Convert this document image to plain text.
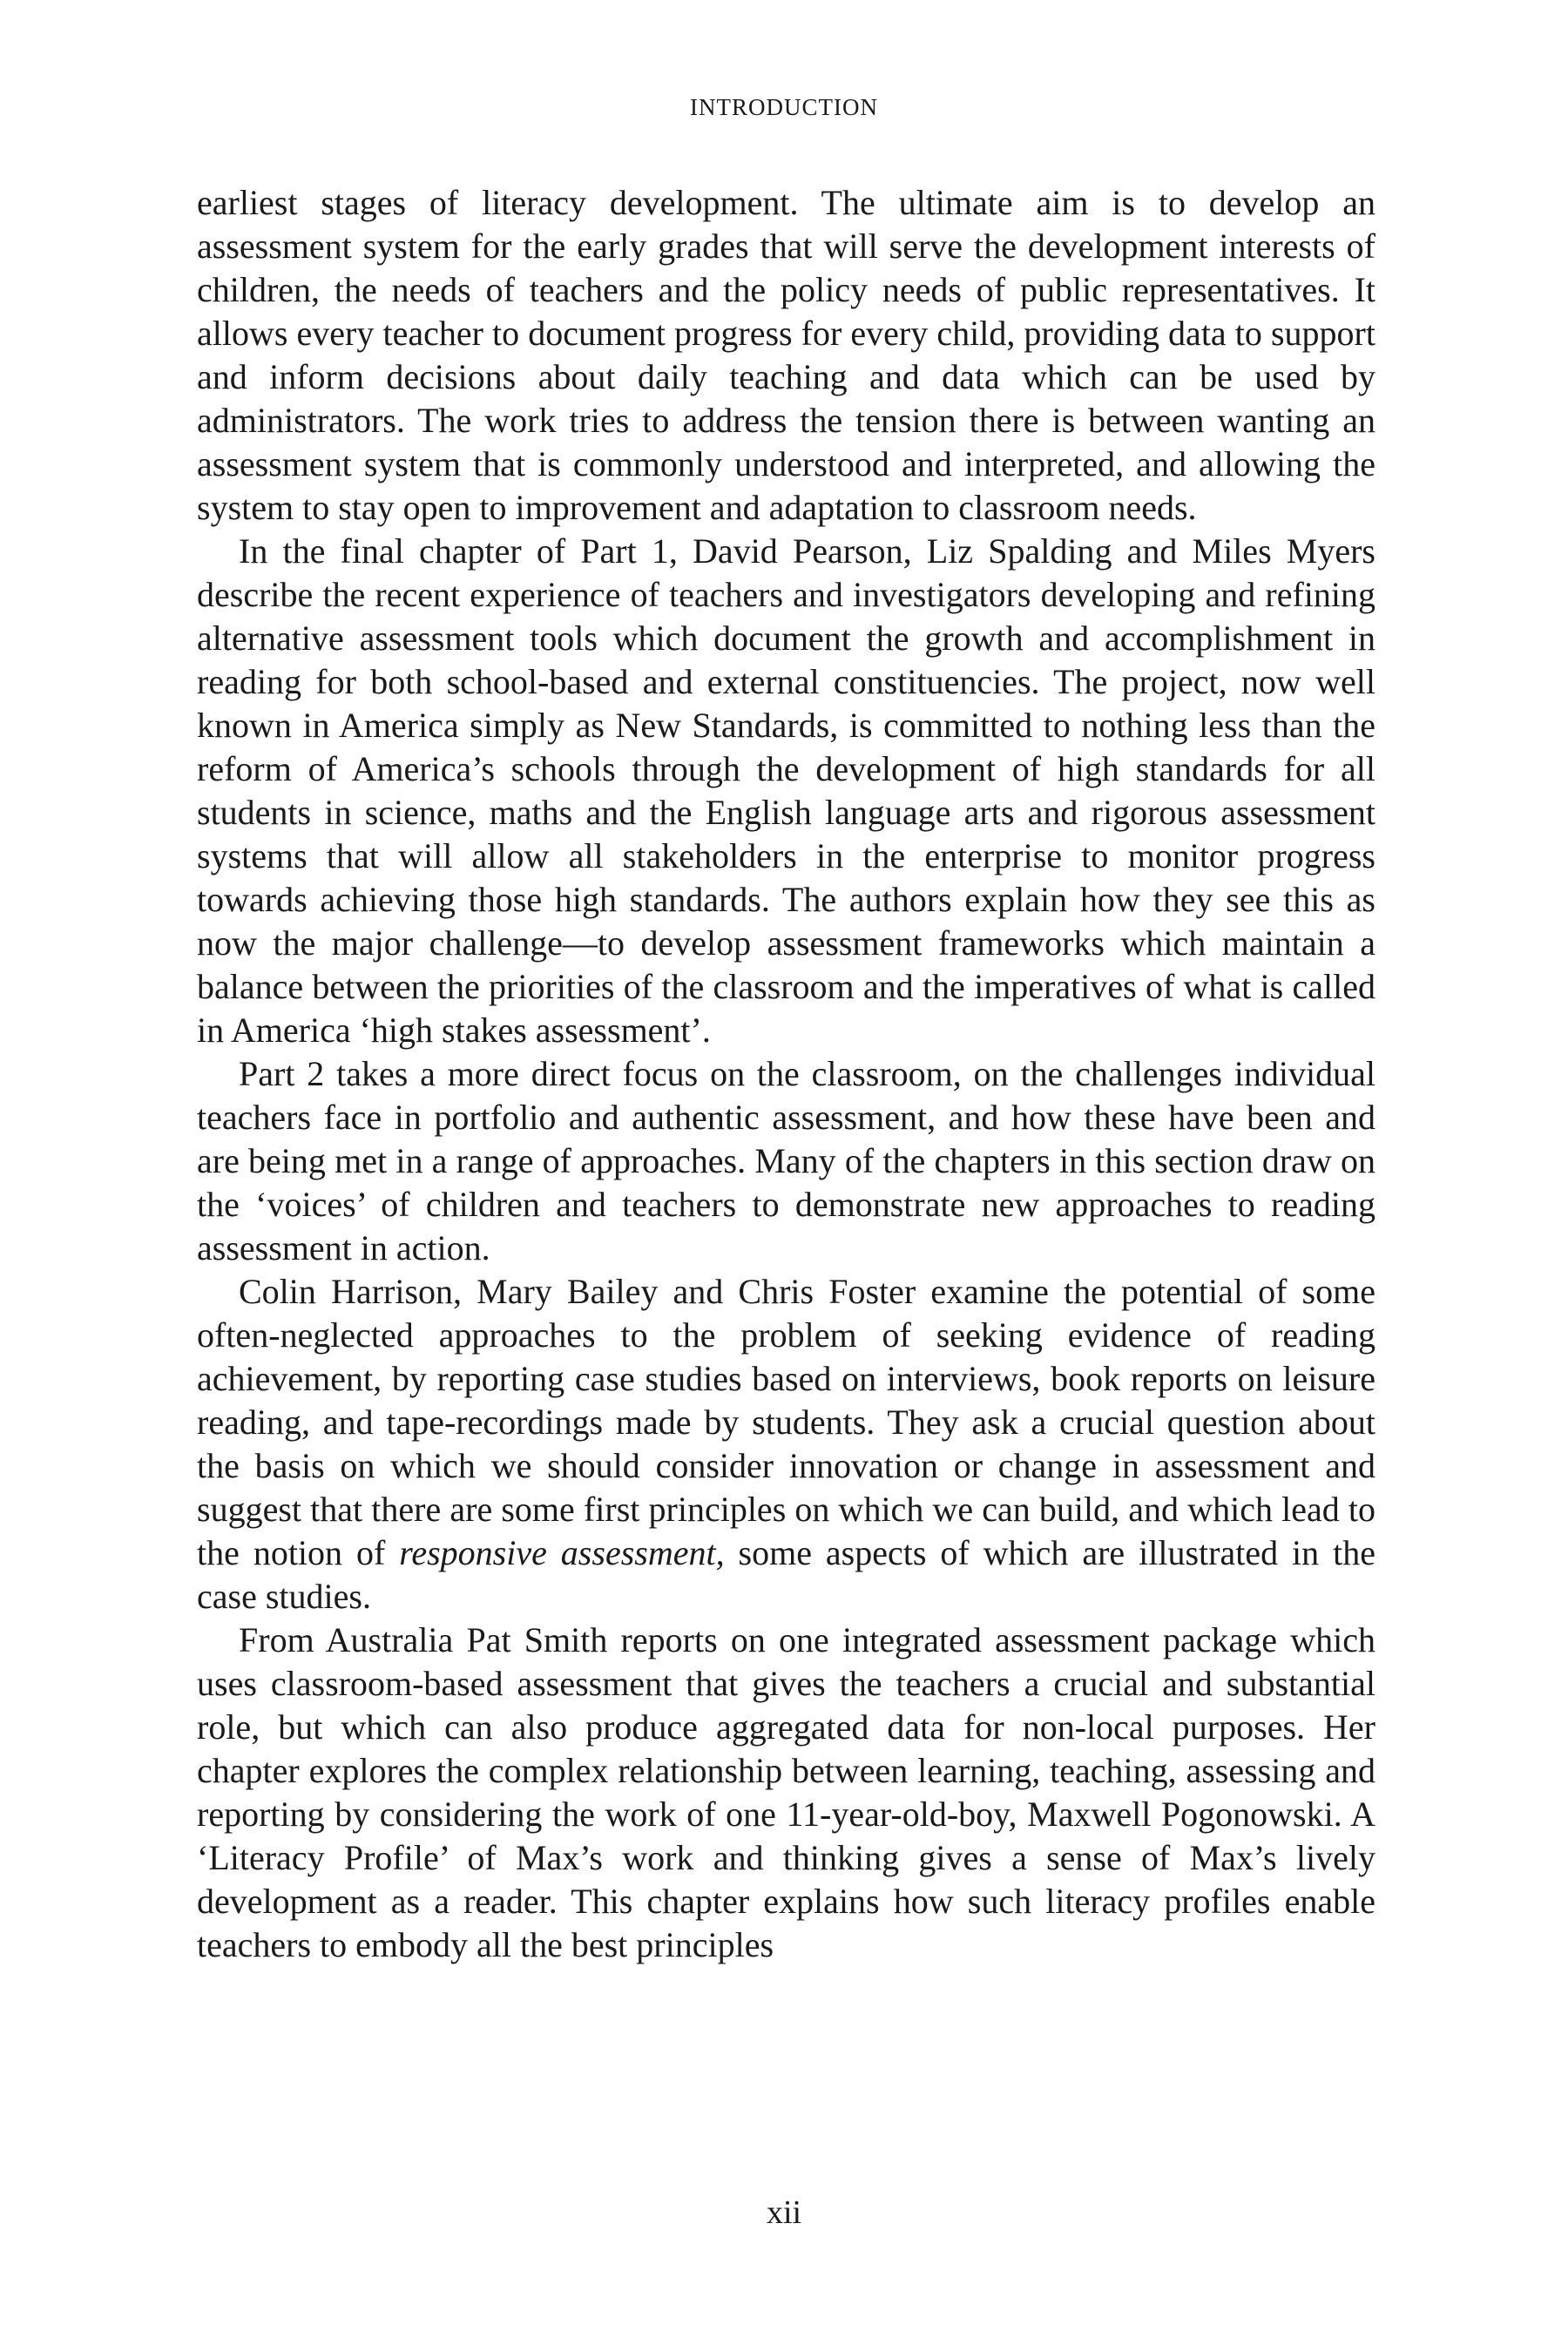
INTRODUCTION

earliest stages of literacy development. The ultimate aim is to develop an assessment system for the early grades that will serve the development interests of children, the needs of teachers and the policy needs of public representatives. It allows every teacher to document progress for every child, providing data to support and inform decisions about daily teaching and data which can be used by administrators. The work tries to address the tension there is between wanting an assessment system that is commonly understood and interpreted, and allowing the system to stay open to improvement and adaptation to classroom needs.

In the final chapter of Part 1, David Pearson, Liz Spalding and Miles Myers describe the recent experience of teachers and investigators developing and refining alternative assessment tools which document the growth and accomplishment in reading for both school-based and external constituencies. The project, now well known in America simply as New Standards, is committed to nothing less than the reform of America’s schools through the development of high standards for all students in science, maths and the English language arts and rigorous assessment systems that will allow all stakeholders in the enterprise to monitor progress towards achieving those high standards. The authors explain how they see this as now the major challenge—to develop assessment frameworks which maintain a balance between the priorities of the classroom and the imperatives of what is called in America ‘high stakes assessment’.

Part 2 takes a more direct focus on the classroom, on the challenges individual teachers face in portfolio and authentic assessment, and how these have been and are being met in a range of approaches. Many of the chapters in this section draw on the ‘voices’ of children and teachers to demonstrate new approaches to reading assessment in action.

Colin Harrison, Mary Bailey and Chris Foster examine the potential of some often-neglected approaches to the problem of seeking evidence of reading achievement, by reporting case studies based on interviews, book reports on leisure reading, and tape-recordings made by students. They ask a crucial question about the basis on which we should consider innovation or change in assessment and suggest that there are some first principles on which we can build, and which lead to the notion of responsive assessment, some aspects of which are illustrated in the case studies.

From Australia Pat Smith reports on one integrated assessment package which uses classroom-based assessment that gives the teachers a crucial and substantial role, but which can also produce aggregated data for non-local purposes. Her chapter explores the complex relationship between learning, teaching, assessing and reporting by considering the work of one 11-year-old-boy, Maxwell Pogonowski. A ‘Literacy Profile’ of Max’s work and thinking gives a sense of Max’s lively development as a reader. This chapter explains how such literacy profiles enable teachers to embody all the best principles

xii
